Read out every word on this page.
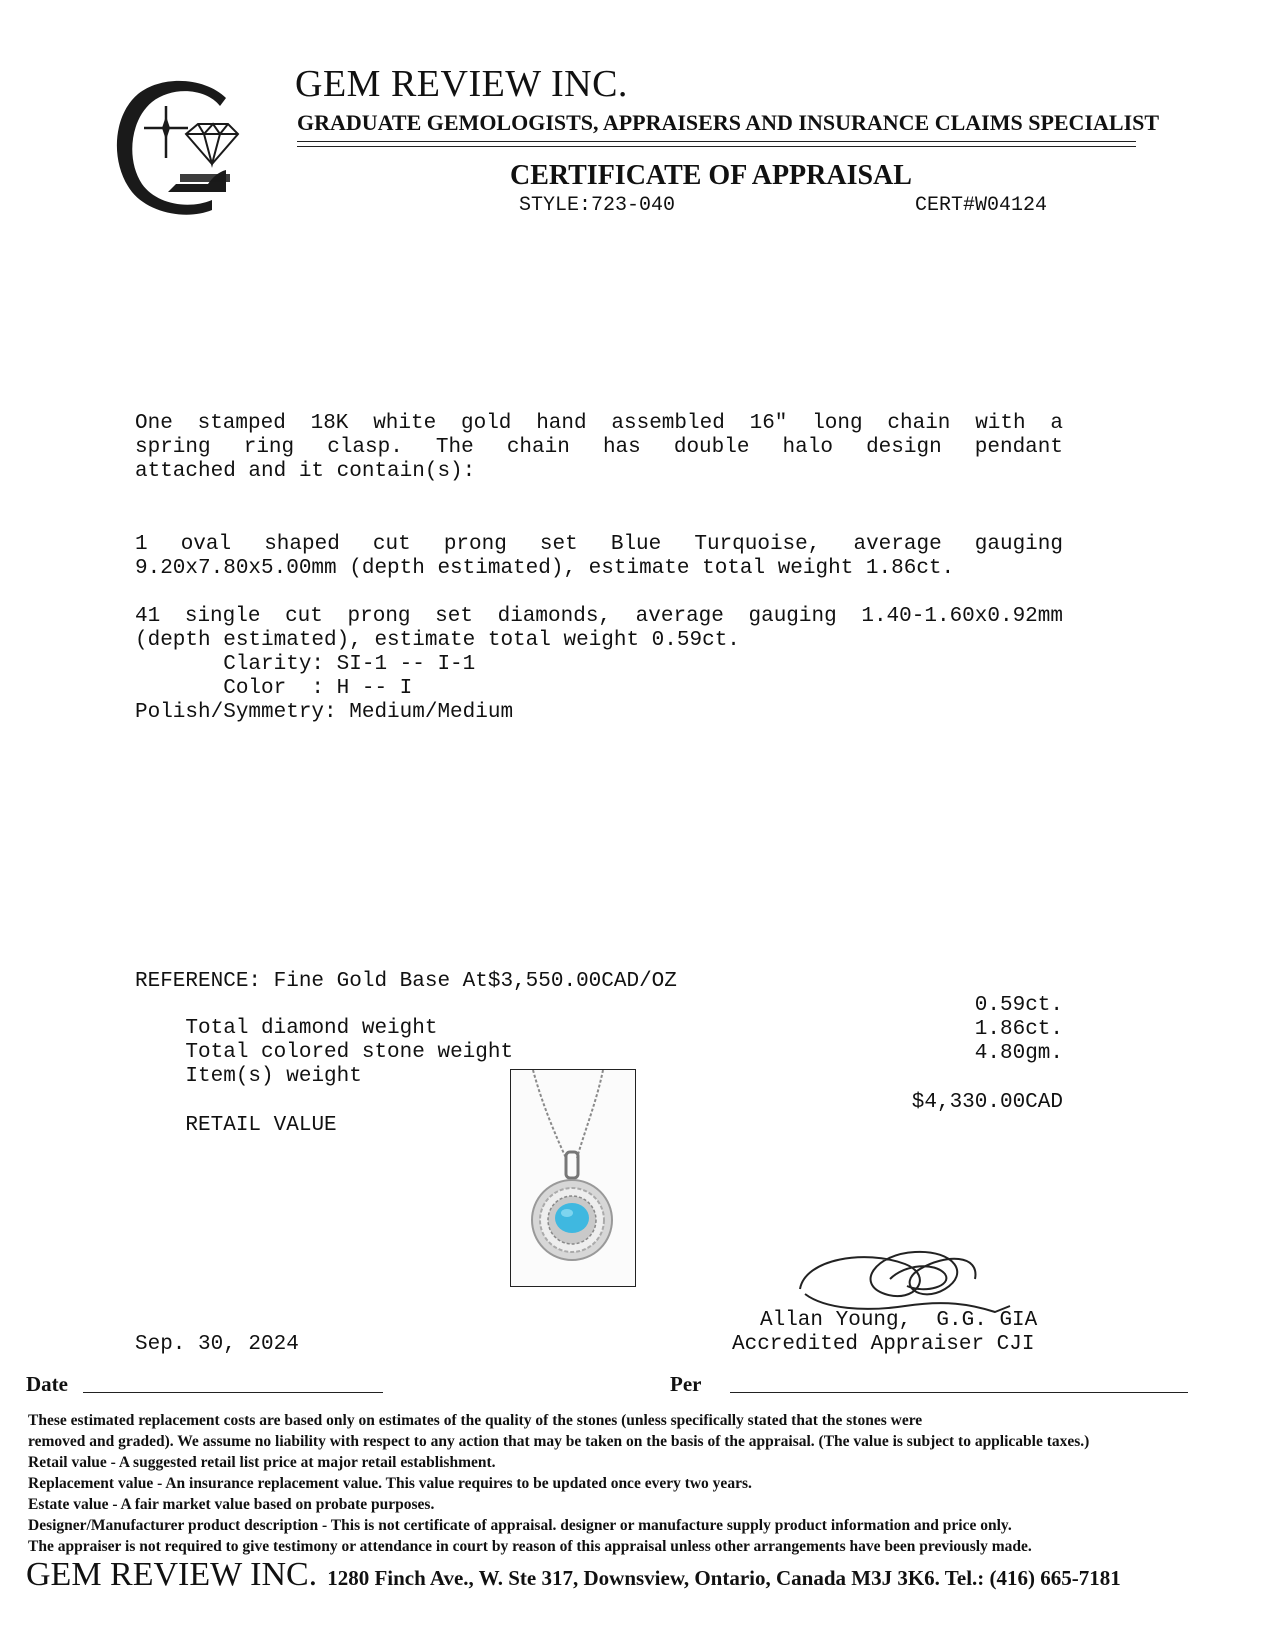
GEM REVIEW INC.
GRADUATE GEMOLOGISTS, APPRAISERS AND INSURANCE CLAIMS SPECIALIST
CERTIFICATE OF APPRAISAL
STYLE:723-040	CERT#W04124
One stamped 18K white gold hand assembled 16" long chain with a
spring ring clasp. The chain has double halo design pendant
attached and it contain(s):
1 oval shaped cut prong set Blue Turquoise, average gauging
9.20x7.80x5.00mm (depth estimated), estimate total weight 1.86ct.
41 single cut prong set diamonds, average gauging 1.40-1.60x0.92mm
(depth estimated), estimate total weight 0.59ct.
Clarity: SI-1 -- I-1
Color  : H -- I
Polish/Symmetry: Medium/Medium
REFERENCE: Fine Gold Base At$3,550.00CAD/OZ

Total diamond weight

0.59ct.

Total colored stone weight

1.86ct.

Item(s) weight

4.80gm.

RETAIL VALUE

$4,330.00CAD

Allan Young,  G.G. GIA
Accredited Appraiser CJI
Sep. 30, 2024
Date	Per
These estimated replacement costs are based only on estimates of the quality of the stones (unless specifically stated that the stones were
removed and graded). We assume no liability with respect to any action that may be taken on the basis of the appraisal. (The value is subject to applicable taxes.)
Retail value - A suggested retail list price at major retail establishment.
Replacement value - An insurance replacement value. This value requires to be updated once every two years.
Estate value - A fair market value based on probate purposes.
Designer/Manufacturer product description - This is not certificate of appraisal. designer or manufacture supply product information and price only.
The appraiser is not required to give testimony or attendance in court by reason of this appraisal unless other arrangements have been previously made.
GEM REVIEW INC. 1280 Finch Ave., W. Ste 317, Downsview, Ontario, Canada M3J 3K6. Tel.: (416) 665-7181
